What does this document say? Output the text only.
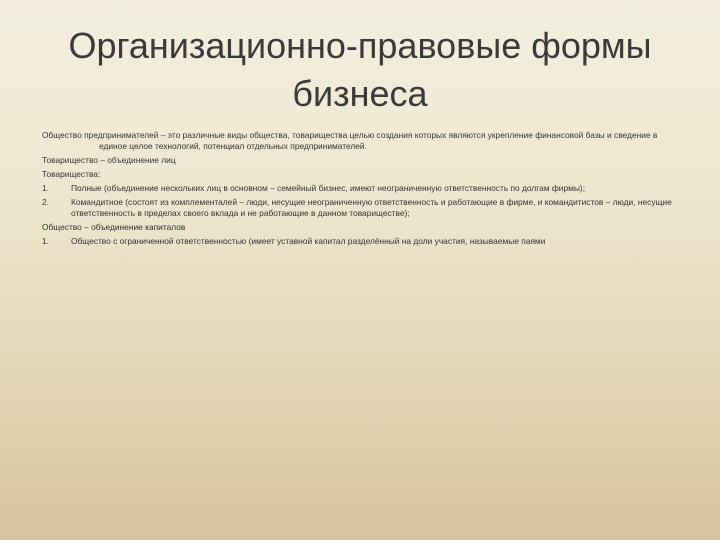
Организационно-правовые формы бизнеса

Общество предпринимателей – это различные виды общества, товарищества целью создания которых являются укрепление финансовой базы и сведение в единое целое технологий, потенциал отдельных предпринимателей.

Товарищество – объединение лиц

Товарищества:

1.	Полные (объединение нескольких лиц в основном – семейный бизнес, имеют неограниченную ответственность по долгам фирмы);
2.	Командитное (состоят из комплементалей – люди, несущие неограниченную ответственность и работающие в фирме, и командитистов – люди, несущие ответственность в пределах своего вклада и не работающие в данном товариществе);

Общество – объединение капиталов

1.	Общество с ограниченной ответственностью (имеет уставной капитал разделённый на доли участия, называемые паями
